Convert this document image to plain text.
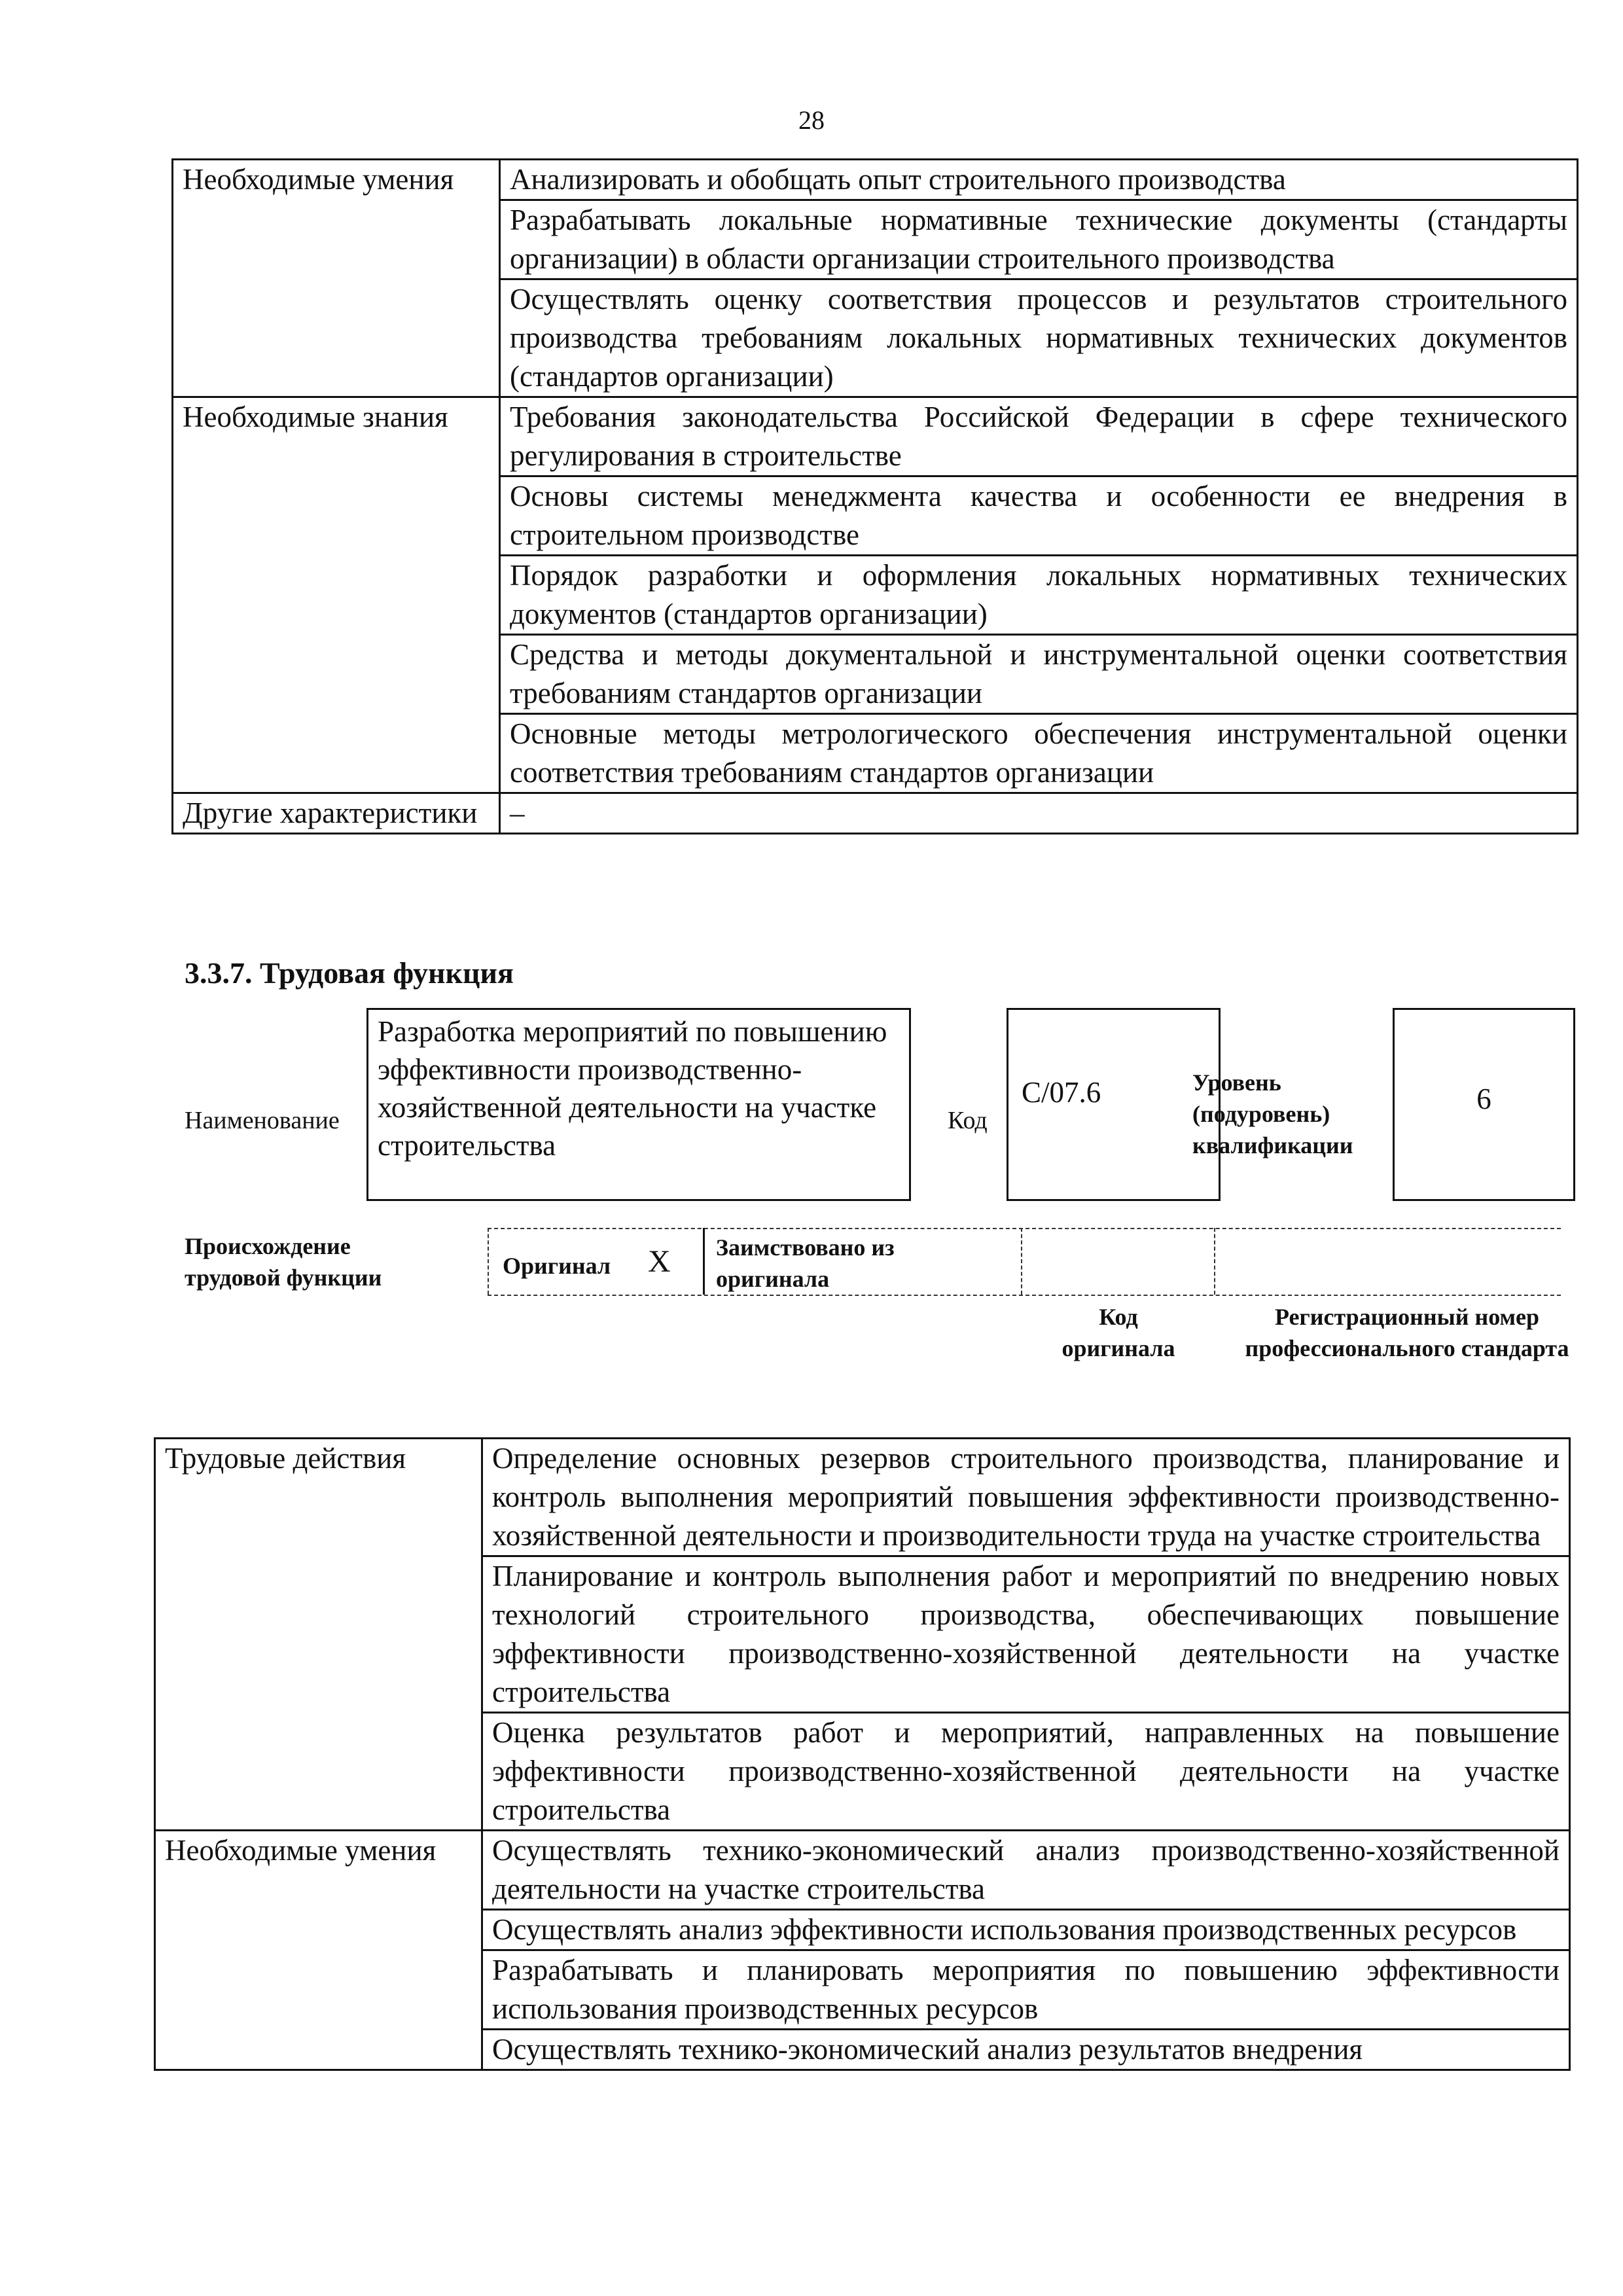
28
Необходимые умения	Анализировать и обобщать опыт строительного производства
	Разрабатывать локальные нормативные технические документы (стандарты организации) в области организации строительного производства
	Осуществлять оценку соответствия процессов и результатов строительного производства требованиям локальных нормативных технических документов (стандартов организации)
Необходимые знания	Требования законодательства Российской Федерации в сфере технического регулирования в строительстве
	Основы системы менеджмента качества и особенности ее внедрения в строительном производстве
	Порядок разработки и оформления локальных нормативных технических документов (стандартов организации)
	Средства и методы документальной и инструментальной оценки соответствия требованиям стандартов организации
	Основные методы метрологического обеспечения инструментальной оценки соответствия требованиям стандартов организации
Другие характеристики	–
3.3.7. Трудовая функция
Наименование
Разработка мероприятий по повышению эффективности производственно-хозяйственной деятельности на участке строительства
Код
С/07.6	Уровень (подуровень) квалификации
6
Происхождение трудовой функции	Оригинал Х Заимствовано из оригинала
Код оригинала
Регистрационный номер профессионального стандарта
Трудовые действия	Определение основных резервов строительного производства, планирование и контроль выполнения мероприятий повышения эффективности производственно-хозяйственной деятельности и производительности труда на участке строительства
	Планирование и контроль выполнения работ и мероприятий по внедрению новых технологий строительного производства, обеспечивающих повышение эффективности производственно-хозяйственной деятельности на участке строительства
	Оценка результатов работ и мероприятий, направленных на повышение эффективности производственно-хозяйственной деятельности на участке строительства
Необходимые умения	Осуществлять технико-экономический анализ производственно-хозяйственной деятельности на участке строительства
	Осуществлять анализ эффективности использования производственных ресурсов
	Разрабатывать и планировать мероприятия по повышению эффективности использования производственных ресурсов
	Осуществлять технико-экономический анализ результатов внедрения
